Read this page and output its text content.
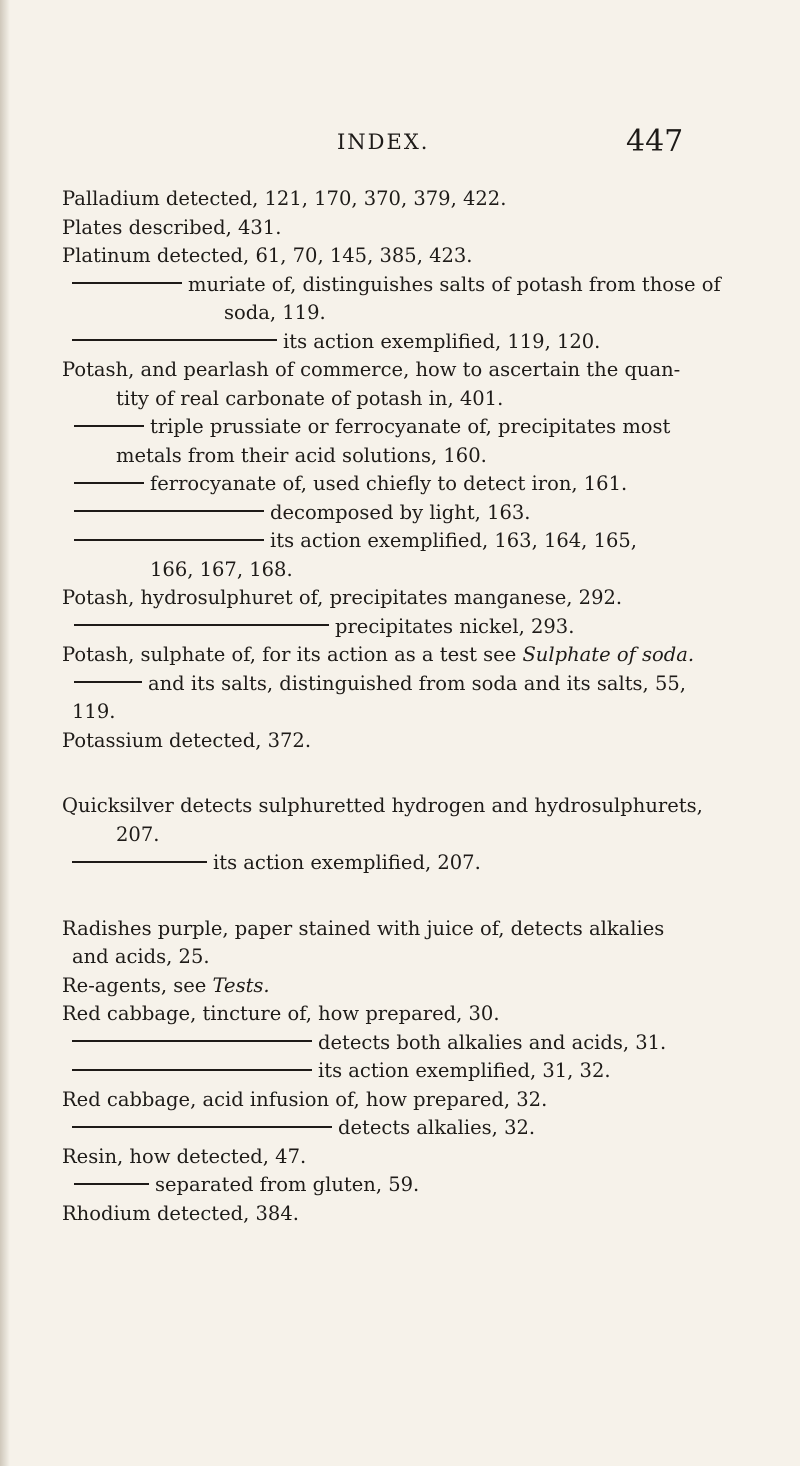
INDEX.	447
Palladium detected, 121, 170, 370, 379, 422.
Plates described, 431.
Platinum detected, 61, 70, 145, 385, 423.
muriate of, distinguishes salts of potash from those of
soda, 119.
its action exemplified, 119, 120.
Potash, and pearlash of commerce, how to ascertain the quan-
tity of real carbonate of potash in, 401.
triple prussiate or ferrocyanate of, precipitates most
metals from their acid solutions, 160.
ferrocyanate of, used chiefly to detect iron, 161.
decomposed by light, 163.
its action exemplified, 163, 164, 165,
166, 167, 168.
Potash, hydrosulphuret of, precipitates manganese, 292.
precipitates nickel, 293.
Potash, sulphate of, for its action as a test see Sulphate of soda.
and its salts, distinguished from soda and its salts, 55,
119.
Potassium detected, 372.
Quicksilver detects sulphuretted hydrogen and hydrosulphurets,
207.
its action exemplified, 207.
Radishes purple, paper stained with juice of, detects alkalies
and acids, 25.
Re-agents, see Tests.
Red cabbage, tincture of, how prepared, 30.
detects both alkalies and acids, 31.
its action exemplified, 31, 32.
Red cabbage, acid infusion of, how prepared, 32.
detects alkalies, 32.
Resin, how detected, 47.
separated from gluten, 59.
Rhodium detected, 384.
